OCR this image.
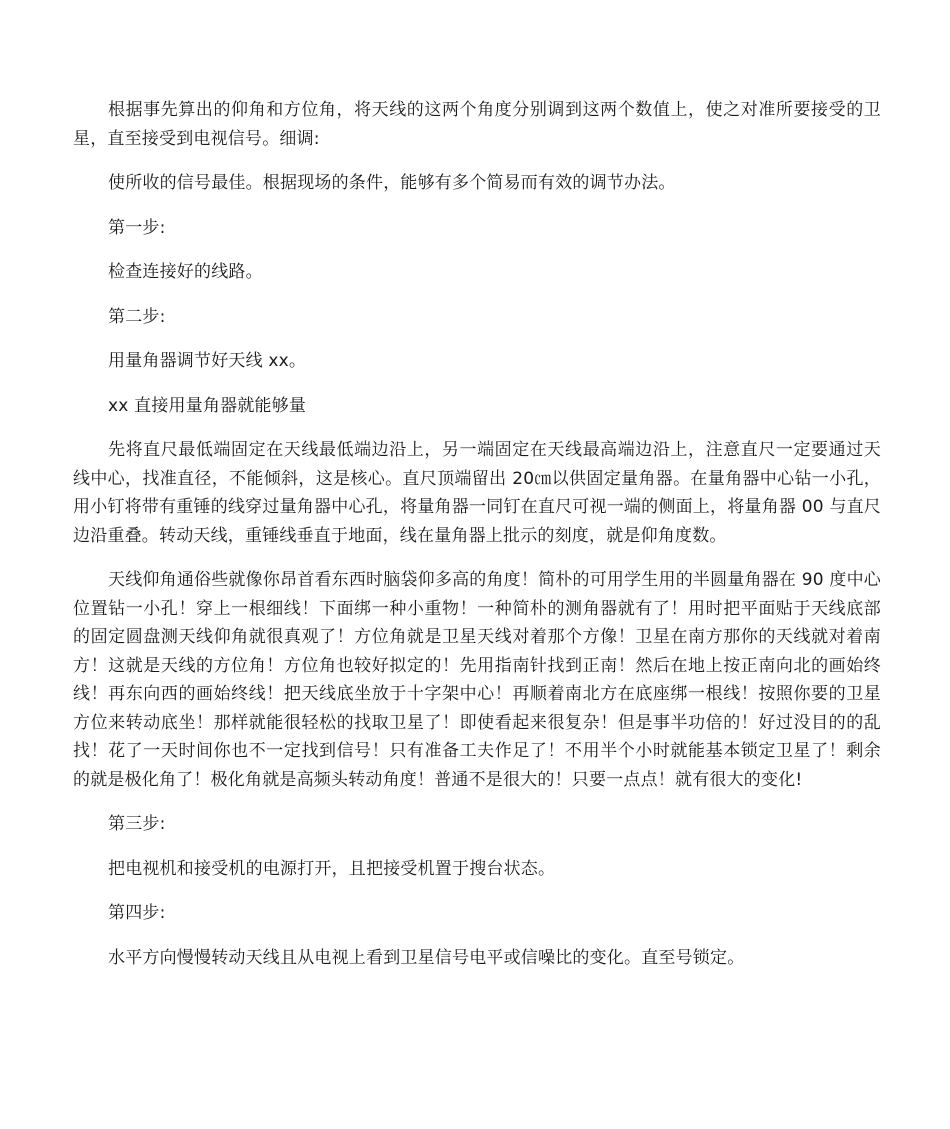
根据事先算出的仰角和方位角，将天线的这两个角度分别调到这两个数值上，使之对准所要接受的卫星，直至接受到电视信号。细调:

使所收的信号最佳。根据现场的条件，能够有多个简易而有效的调节办法。

第一步:

检查连接好的线路。

第二步:

用量角器调节好天线 xx。

xx 直接用量角器就能够量

先将直尺最低端固定在天线最低端边沿上，另一端固定在天线最高端边沿上，注意直尺一定要通过天线中心，找准直径，不能倾斜，这是核心。直尺顶端留出 20㎝以供固定量角器。在量角器中心钻一小孔，用小钉将带有重锤的线穿过量角器中心孔，将量角器一同钉在直尺可视一端的侧面上，将量角器 00 与直尺边沿重叠。转动天线，重锤线垂直于地面，线在量角器上批示的刻度，就是仰角度数。

天线仰角通俗些就像你昂首看东西时脑袋仰多高的角度！简朴的可用学生用的半圆量角器在 90 度中心位置钻一小孔！穿上一根细线！下面绑一种小重物！一种简朴的测角器就有了！用时把平面贴于天线底部的固定圆盘测天线仰角就很真观了！方位角就是卫星天线对着那个方像！卫星在南方那你的天线就对着南方！这就是天线的方位角！方位角也较好拟定的！先用指南针找到正南！然后在地上按正南向北的画始终线！再东向西的画始终线！把天线底坐放于十字架中心！再顺着南北方在底座绑一根线！按照你要的卫星方位来转动底坐！那样就能很轻松的找取卫星了！即使看起来很复杂！但是事半功倍的！好过没目的的乱找！花了一天时间你也不一定找到信号！只有准备工夫作足了！不用半个小时就能基本锁定卫星了！剩余的就是极化角了！极化角就是高频头转动角度！普通不是很大的！只要一点点！就有很大的变化!

第三步:

把电视机和接受机的电源打开，且把接受机置于搜台状态。

第四步:

水平方向慢慢转动天线且从电视上看到卫星信号电平或信噪比的变化。直至号锁定。
